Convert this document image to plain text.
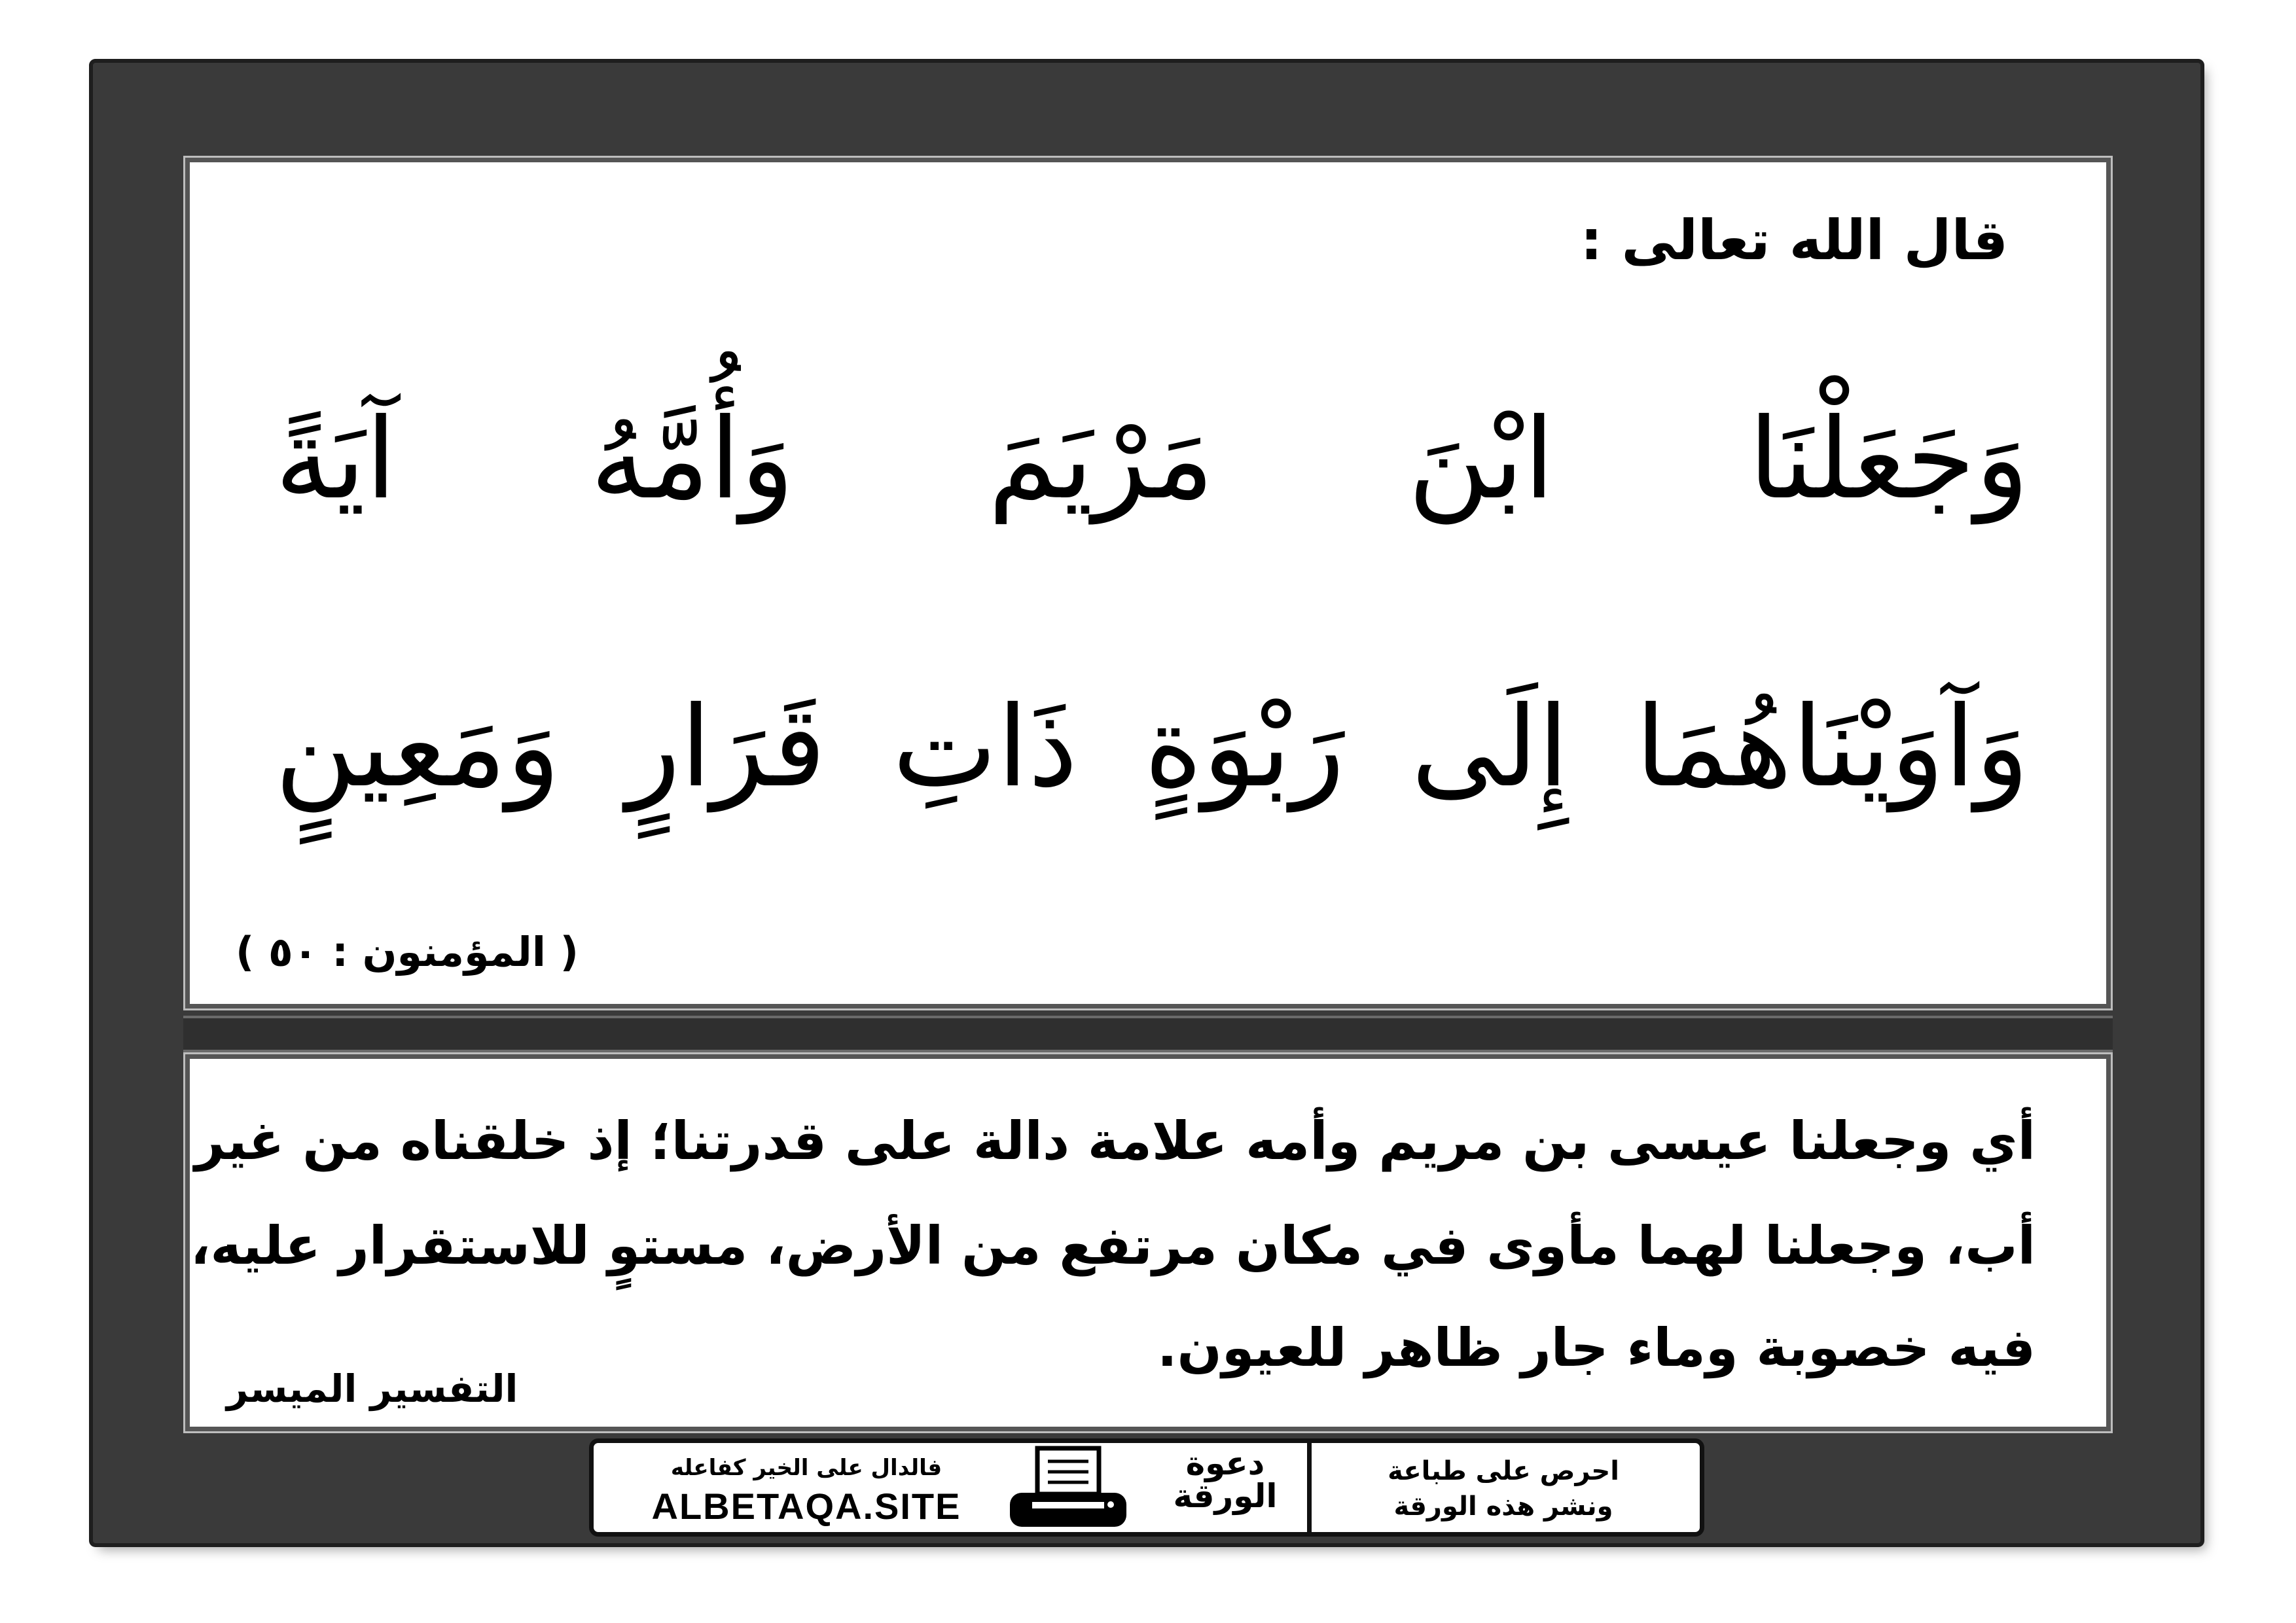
قال الله تعالى :
وَجَعَلْنَا ابْنَ مَرْيَمَ وَأُمَّهُ آيَةً
وَآوَيْنَاهُمَا إِلَى رَبْوَةٍ ذَاتِ قَرَارٍ وَمَعِينٍ
( المؤمنون : ٥٠ )
أي وجعلنا عيسى بن مريم وأمه علامة دالة على قدرتنا؛ إذ خلقناه من غير
أب، وجعلنا لهما مأوى في مكان مرتفع من الأرض، مستوٍ للاستقرار عليه،
فيه خصوبة وماء جار ظاهر للعيون.
التفسير الميسر
فالدال على الخير كفاعله
ALBETAQA.SITE
دعوة
الورقة
احرص على طباعة
ونشر هذه الورقة
